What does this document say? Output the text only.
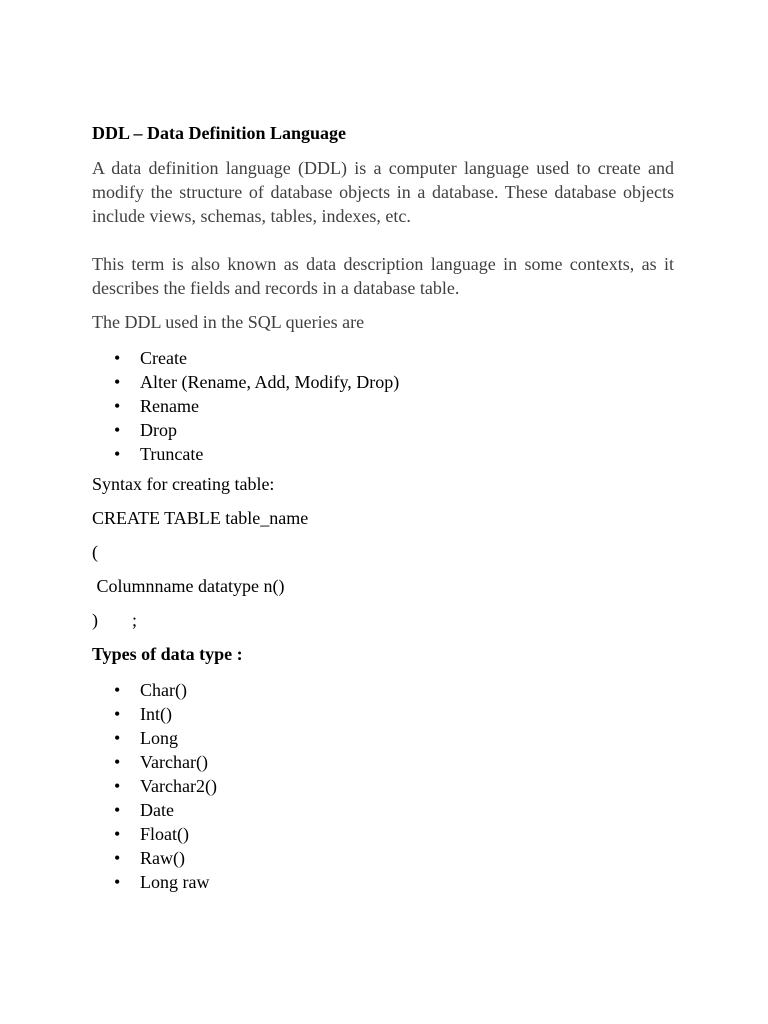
DDL – Data Definition Language

A data definition language (DDL) is a computer language used to create and modify the structure of database objects in a database. These database objects include views, schemas, tables, indexes, etc.

This term is also known as data description language in some contexts, as it describes the fields and records in a database table.

The DDL used in the SQL queries are

• Create
• Alter (Rename, Add, Modify, Drop)
• Rename
• Drop
• Truncate

Syntax for creating table:

CREATE TABLE table_name

(

Columnname datatype n()

) ;

Types of data type :

• Char()
• Int()
• Long
• Varchar()
• Varchar2()
• Date
• Float()
• Raw()
• Long raw
